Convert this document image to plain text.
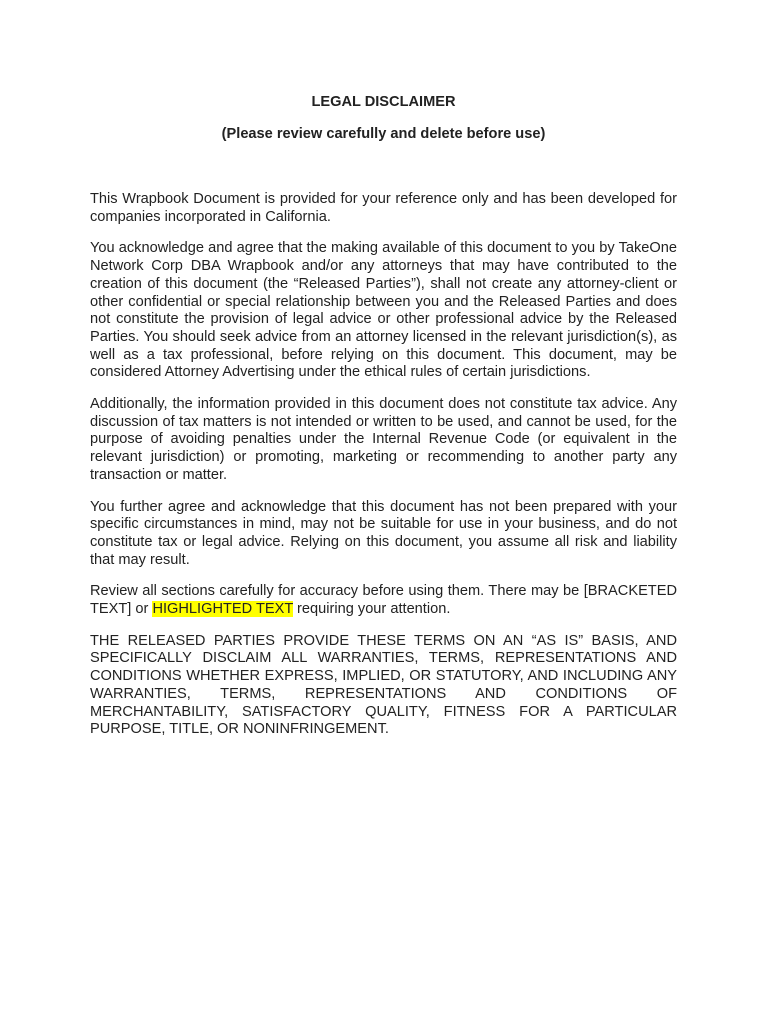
LEGAL DISCLAIMER
(Please review carefully and delete before use)

This Wrapbook Document is provided for your reference only and has been developed for companies incorporated in California.

You acknowledge and agree that the making available of this document to you by TakeOne Network Corp DBA Wrapbook and/or any attorneys that may have contributed to the creation of this document (the “Released Parties”), shall not create any attorney-client or other confidential or special relationship between you and the Released Parties and does not constitute the provision of legal advice or other professional advice by the Released Parties. You should seek advice from an attorney licensed in the relevant jurisdiction(s), as well as a tax professional, before relying on this document. This document, may be considered Attorney Advertising under the ethical rules of certain jurisdictions.

Additionally, the information provided in this document does not constitute tax advice. Any discussion of tax matters is not intended or written to be used, and cannot be used, for the purpose of avoiding penalties under the Internal Revenue Code (or equivalent in the relevant jurisdiction) or promoting, marketing or recommending to another party any transaction or matter.

You further agree and acknowledge that this document has not been prepared with your specific circumstances in mind, may not be suitable for use in your business, and do not constitute tax or legal advice. Relying on this document, you assume all risk and liability that may result.

Review all sections carefully for accuracy before using them. There may be [BRACKETED TEXT] or HIGHLIGHTED TEXT requiring your attention.

THE RELEASED PARTIES PROVIDE THESE TERMS ON AN “AS IS” BASIS, AND SPECIFICALLY DISCLAIM ALL WARRANTIES, TERMS, REPRESENTATIONS AND CONDITIONS WHETHER EXPRESS, IMPLIED, OR STATUTORY, AND INCLUDING ANY WARRANTIES, TERMS, REPRESENTATIONS AND CONDITIONS OF MERCHANTABILITY, SATISFACTORY QUALITY, FITNESS FOR A PARTICULAR PURPOSE, TITLE, OR NONINFRINGEMENT.
